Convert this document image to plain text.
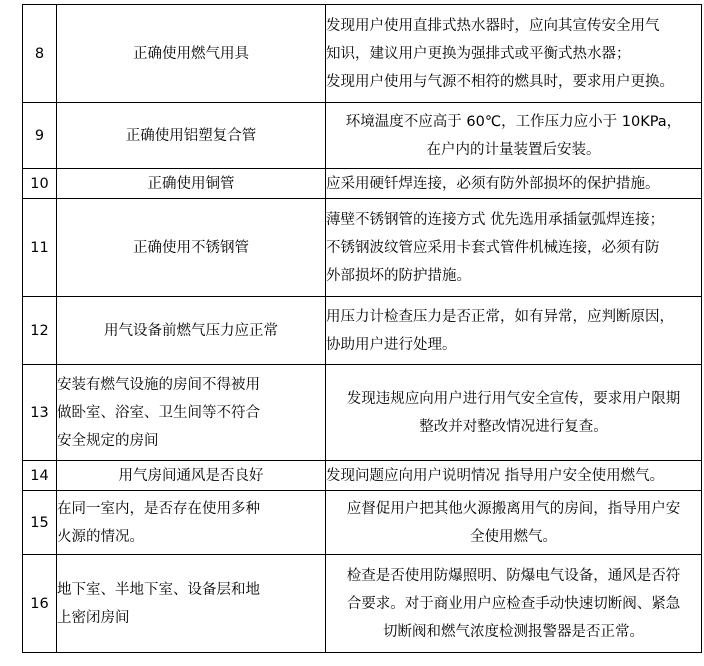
8	正确使用燃气用具	发现用户使用直排式热水器时，应向其宣传安全用气
知识，建议用户更换为强排式或平衡式热水器；
发现用户使用与气源不相符的燃具时，要求用户更换。

9	正确使用铝塑复合管	环境温度不应高于 60℃，工作压力应小于 10KPa，
在户内的计量装置后安装。

10	正确使用铜管	应采用硬钎焊连接，必须有防外部损坏的保护措施。

11	正确使用不锈钢管	薄壁不锈钢管的连接方式 优先选用承插氩弧焊连接；
不锈钢波纹管应采用卡套式管件机械连接，必须有防
外部损坏的防护措施。

12	用气设备前燃气压力应正常	用压力计检查压力是否正常，如有异常，应判断原因，
协助用户进行处理。

13	安装有燃气设施的房间不得被用
做卧室、浴室、卫生间等不符合
安全规定的房间	发现违规应向用户进行用气安全宣传，要求用户限期
整改并对整改情况进行复查。

14	用气房间通风是否良好	发现问题应向用户说明情况 指导用户安全使用燃气。

15	在同一室内，是否存在使用多种
火源的情况。	应督促用户把其他火源搬离用气的房间，指导用户安
全使用燃气。

16	地下室、半地下室、设备层和地
上密闭房间	检查是否使用防爆照明、防爆电气设备，通风是否符
合要求。对于商业用户应检查手动快速切断阀、紧急
切断阀和燃气浓度检测报警器是否正常。
